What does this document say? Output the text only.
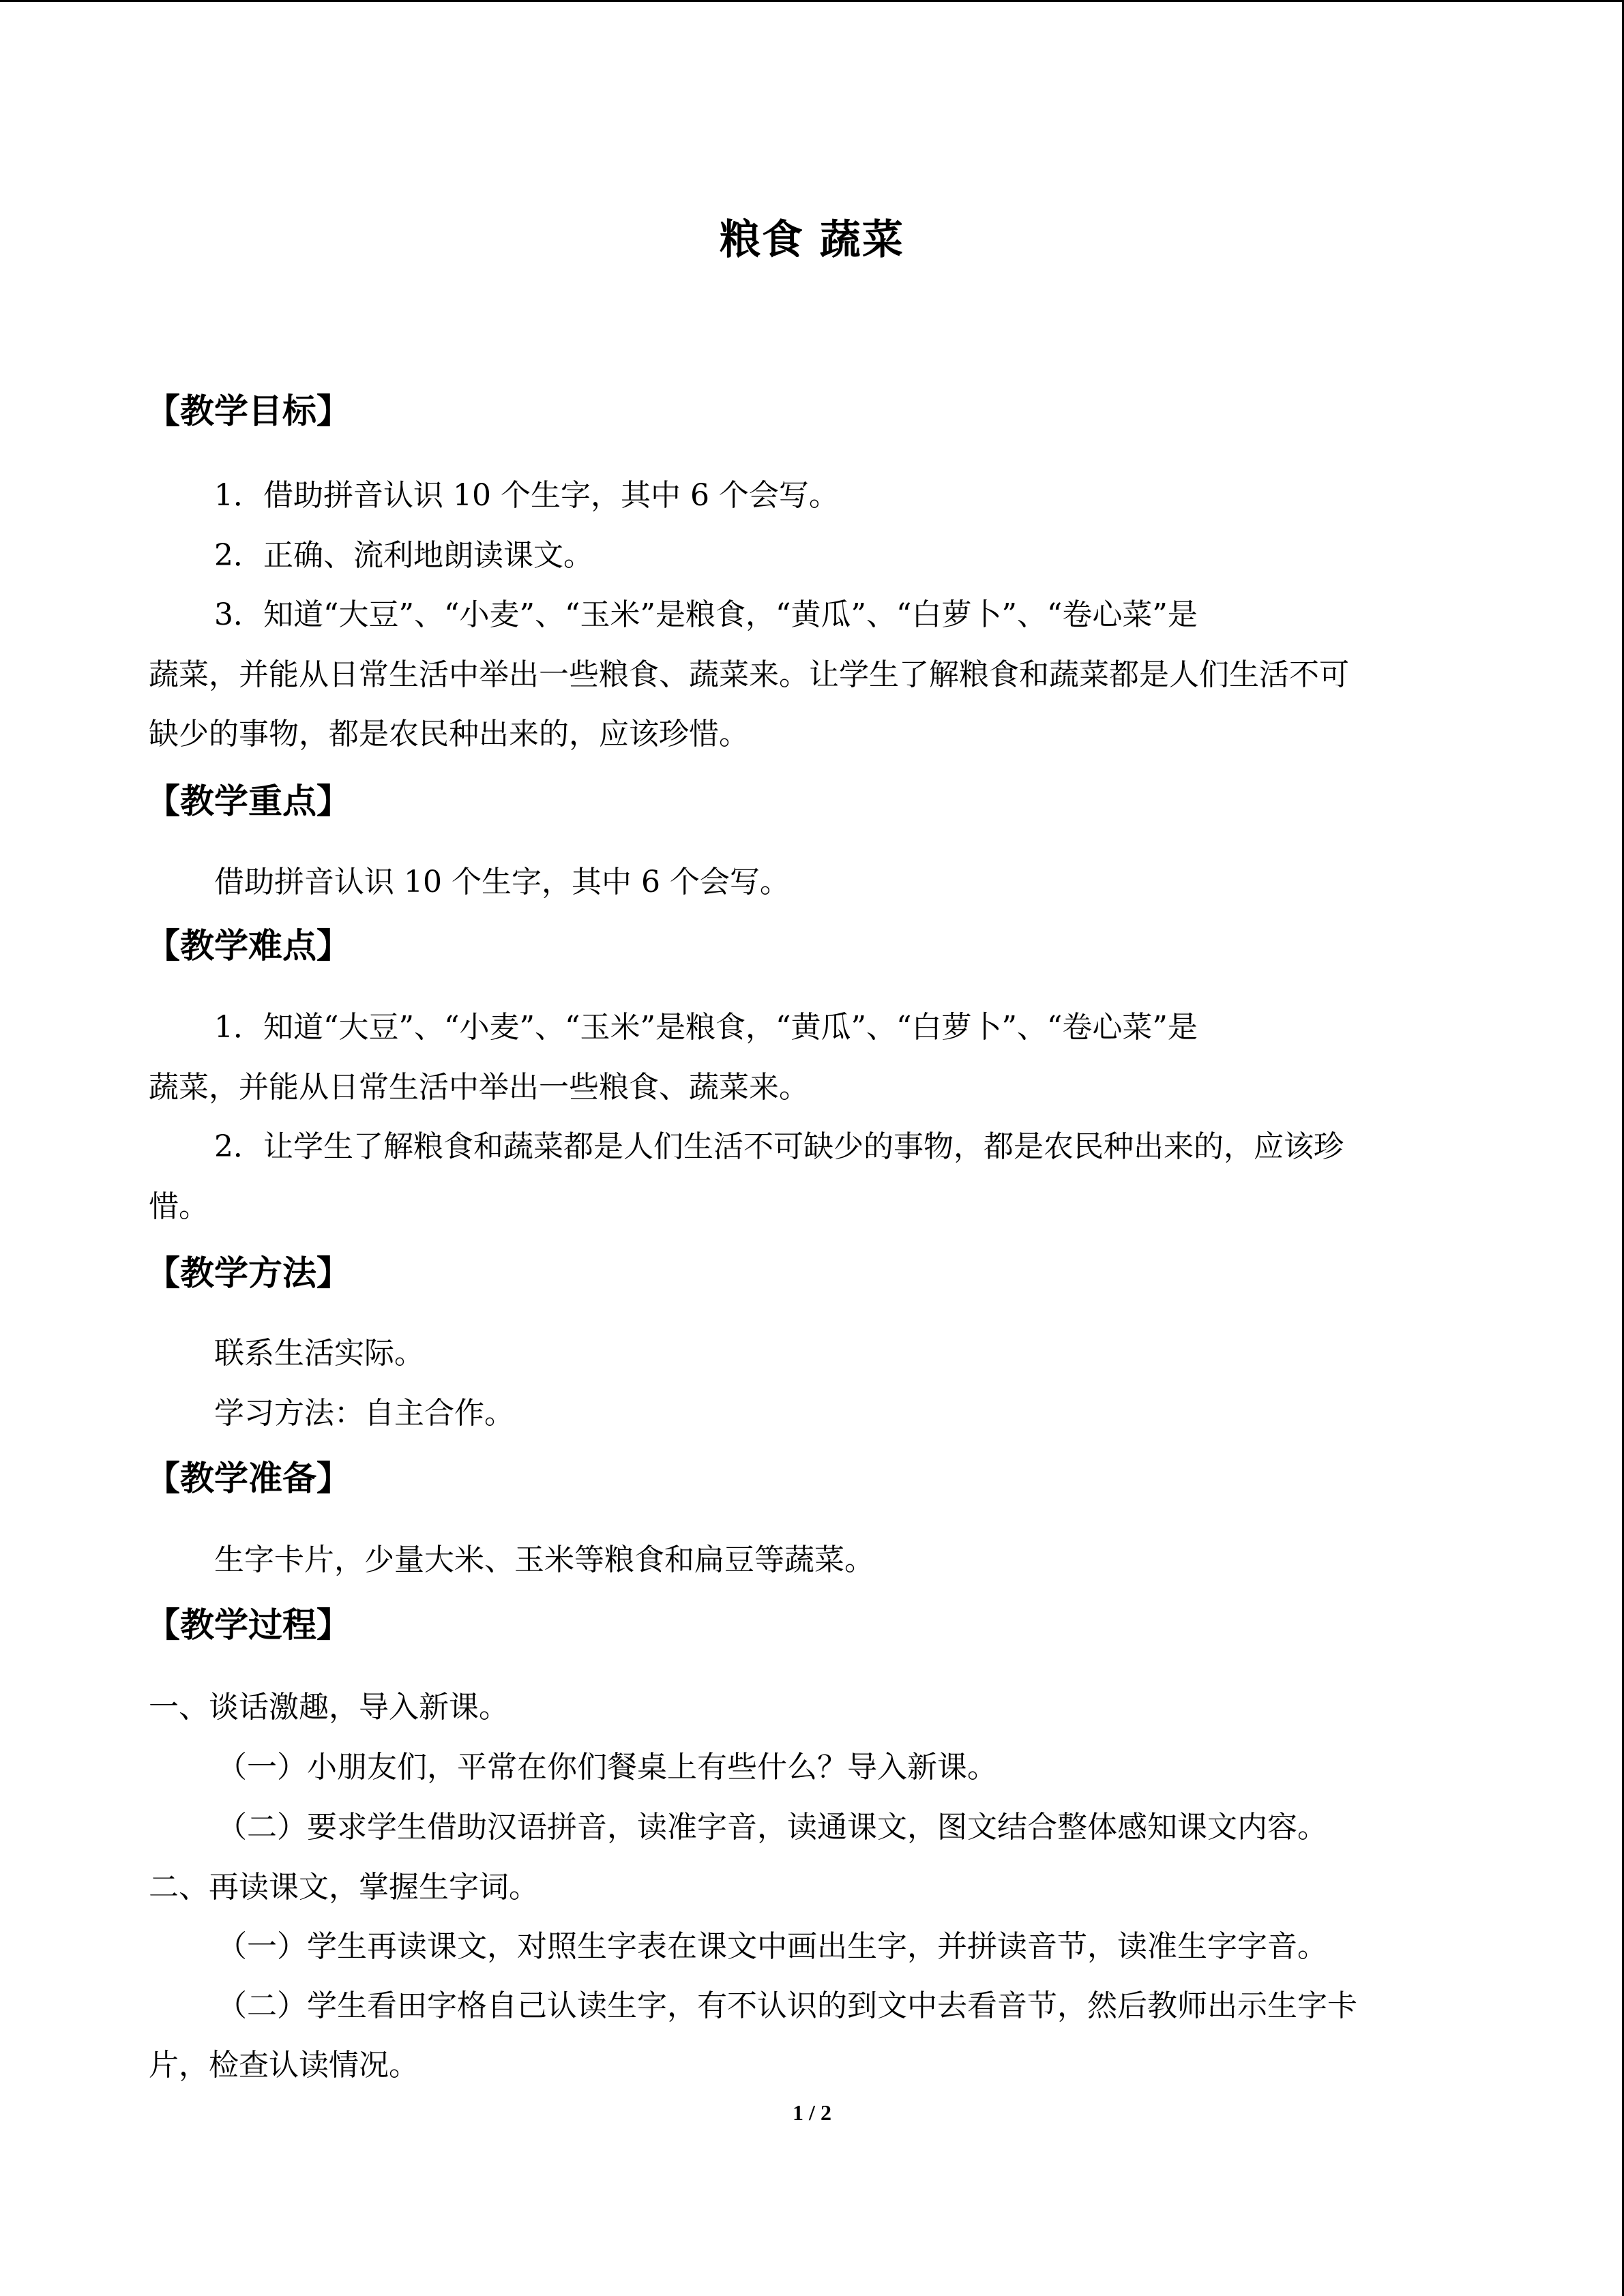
粮食 蔬菜
【教学目标】
1．借助拼音认识 10 个生字，其中 6 个会写。
2．正确、流利地朗读课文。
3．知道“大豆”、“小麦”、“玉米”是粮食，“黄瓜”、“白萝卜”、“卷心菜”是
蔬菜，并能从日常生活中举出一些粮食、蔬菜来。让学生了解粮食和蔬菜都是人们生活不可
缺少的事物，都是农民种出来的，应该珍惜。
【教学重点】
借助拼音认识 10 个生字，其中 6 个会写。
【教学难点】
1．知道“大豆”、“小麦”、“玉米”是粮食，“黄瓜”、“白萝卜”、“卷心菜”是
蔬菜，并能从日常生活中举出一些粮食、蔬菜来。
2．让学生了解粮食和蔬菜都是人们生活不可缺少的事物，都是农民种出来的，应该珍
惜。
【教学方法】
联系生活实际。
学习方法：自主合作。
【教学准备】
生字卡片，少量大米、玉米等粮食和扁豆等蔬菜。
【教学过程】
一、谈话激趣，导入新课。
（一）小朋友们，平常在你们餐桌上有些什么？导入新课。
（二）要求学生借助汉语拼音，读准字音，读通课文，图文结合整体感知课文内容。
二、再读课文，掌握生字词。
（一）学生再读课文，对照生字表在课文中画出生字，并拼读音节，读准生字字音。
（二）学生看田字格自己认读生字，有不认识的到文中去看音节，然后教师出示生字卡
片，检查认读情况。
1 / 2
